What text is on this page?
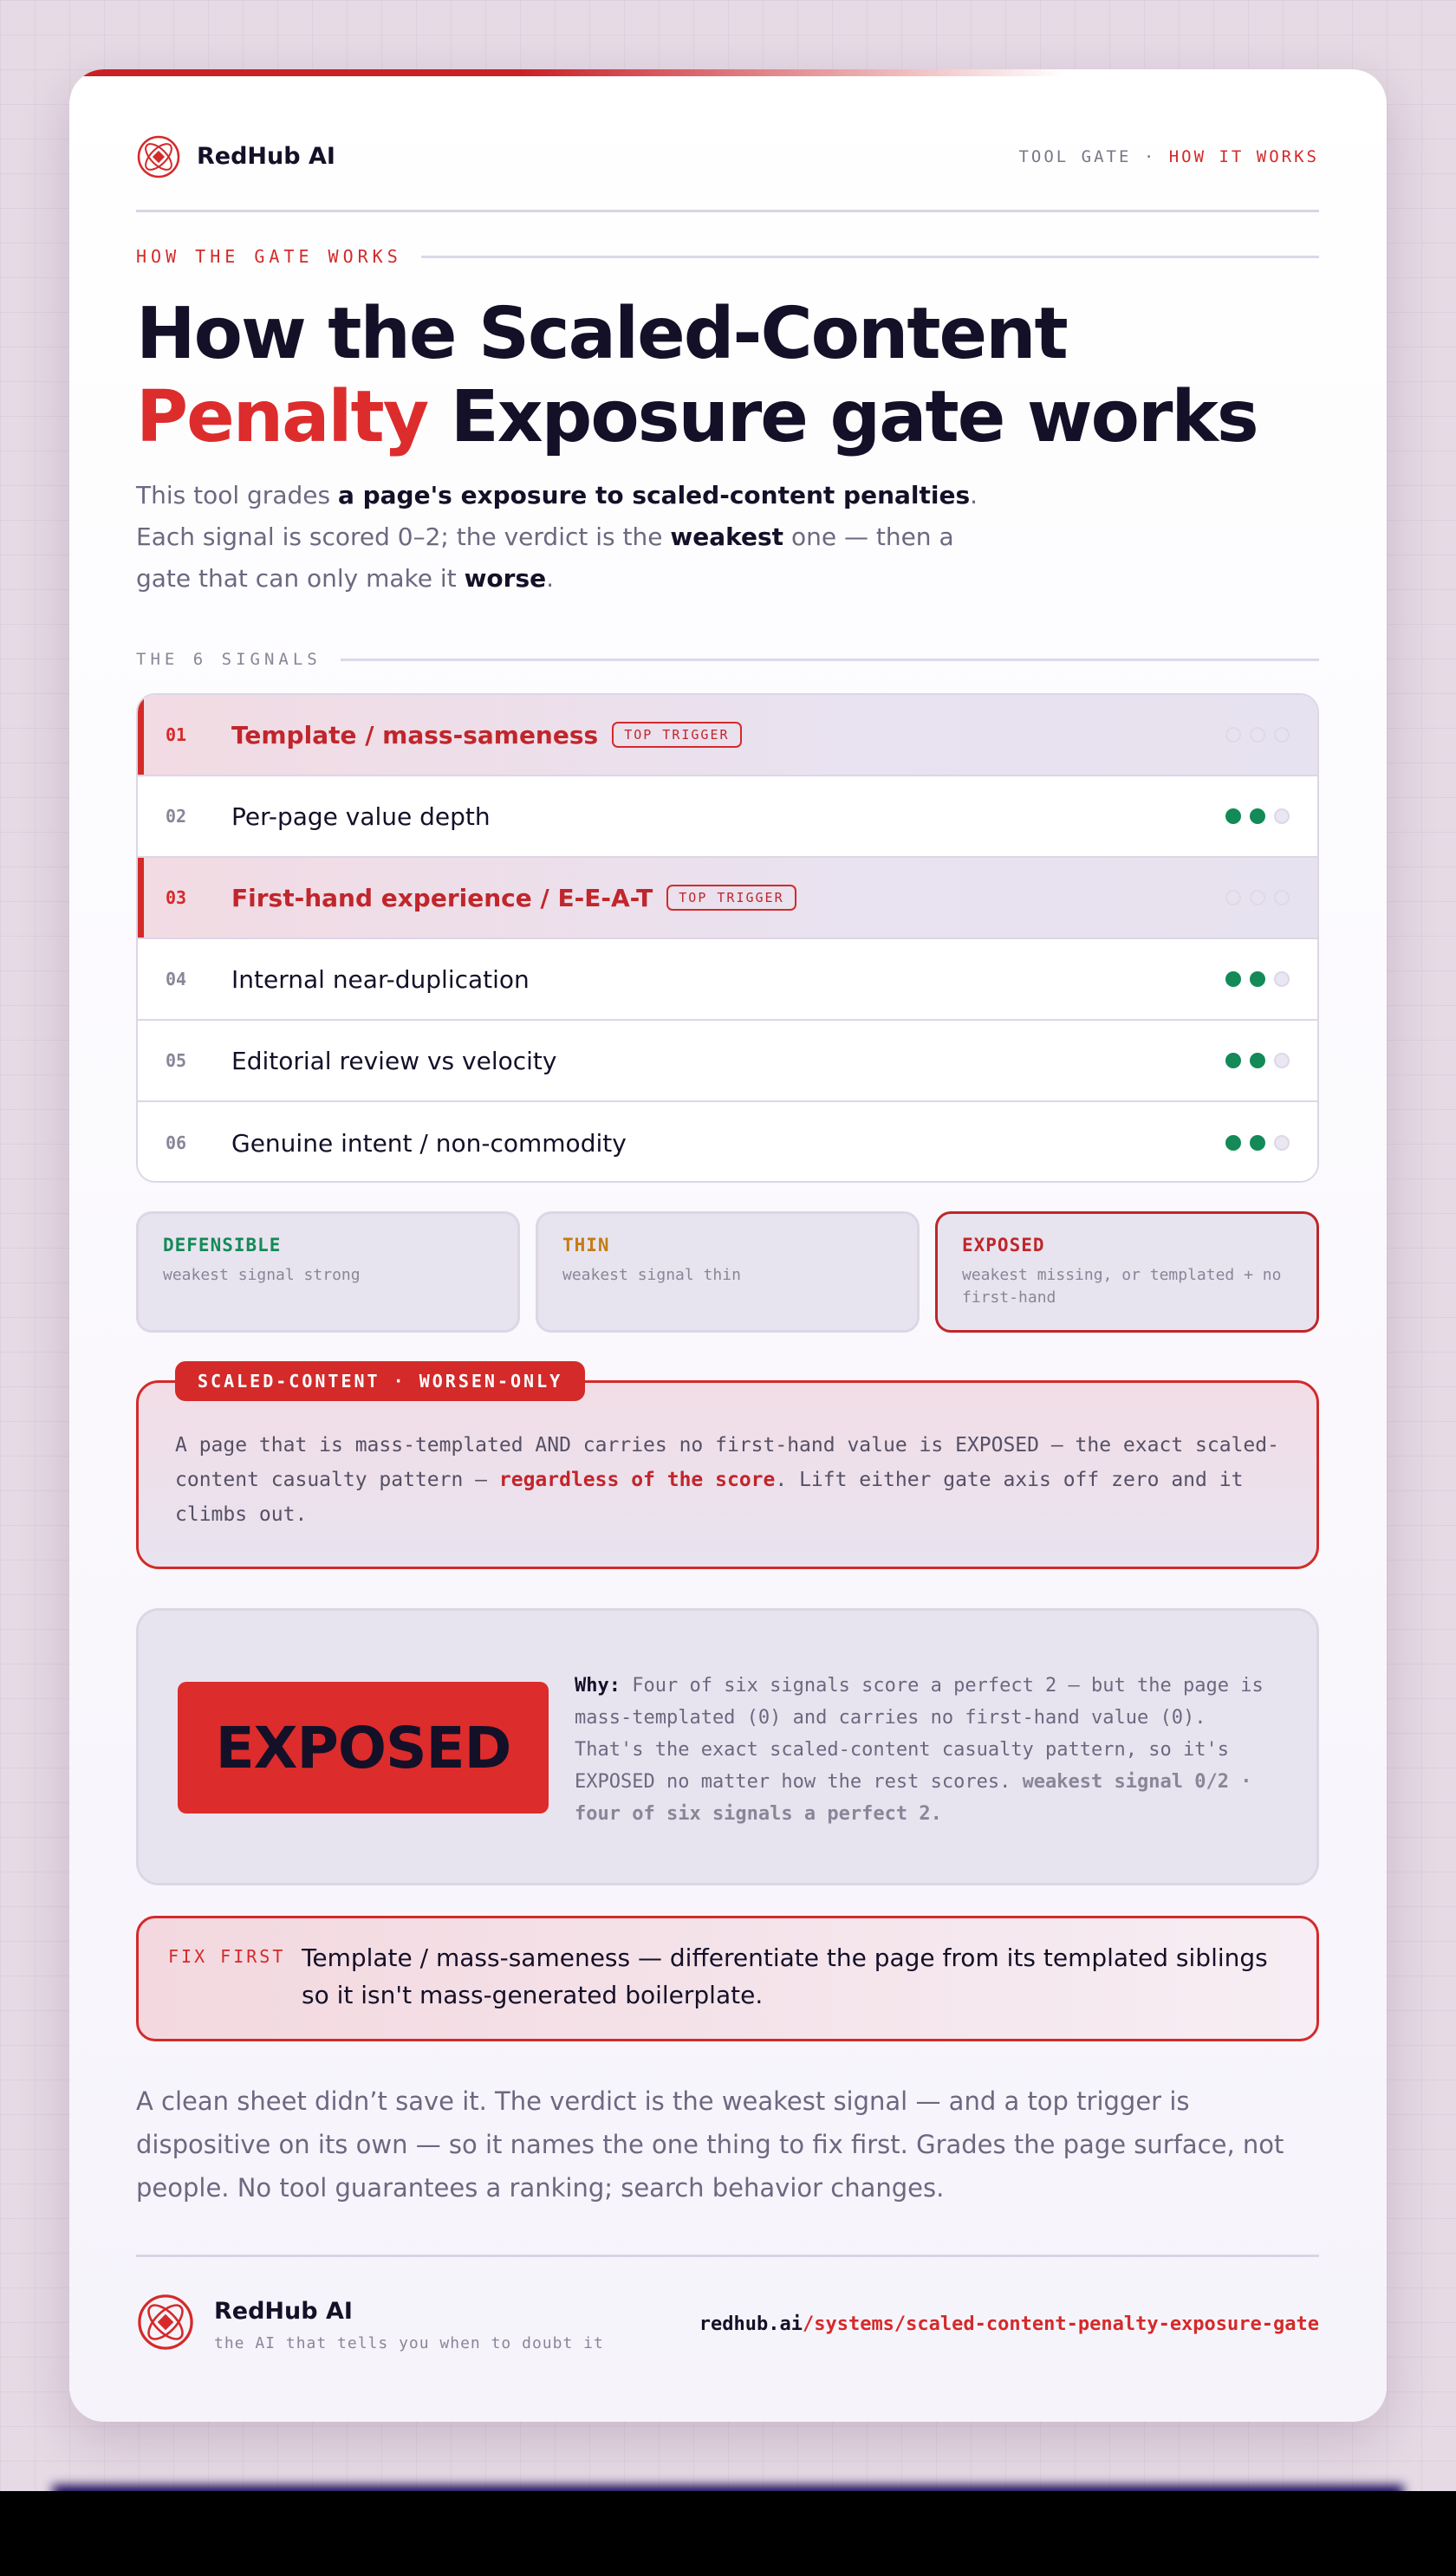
RedHub AI	TOOL GATE · HOW IT WORKS
HOW THE GATE WORKS
How the Scaled-Content
Penalty Exposure gate works

This tool grades a page's exposure to scaled-content penalties. Each signal is scored 0–2; the verdict is the weakest one — then a gate that can only make it worse.

THE 6 SIGNALS
01 Template / mass-sameness	TOP TRIGGER
02 Per-page value depth
03 First-hand experience / E-E-A-T	TOP TRIGGER
04 Internal near-duplication
05 Editorial review vs velocity
06 Genuine intent / non-commodity
DEFENSIBLE
weakest signal strong
THIN
weakest signal thin
EXPOSED
weakest missing, or templated + no first-hand
SCALED-CONTENT · WORSEN-ONLY
A page that is mass-templated AND carries no first-hand value is EXPOSED — the exact scaled-content casualty pattern — regardless of the score. Lift either gate axis off zero and it climbs out.
EXPOSED
Why: Four of six signals score a perfect 2 — but the page is mass-templated (0) and carries no first-hand value (0). That's the exact scaled-content casualty pattern, so it's EXPOSED no matter how the rest scores. weakest signal 0/2 · four of six signals a perfect 2.
FIX FIRST Template / mass-sameness — differentiate the page from its templated siblings so it isn't mass-generated boilerplate.

A clean sheet didn’t save it. The verdict is the weakest signal — and a top trigger is dispositive on its own — so it names the one thing to fix first. Grades the page surface, not people. No tool guarantees a ranking; search behavior changes.

RedHub AI
the AI that tells you when to doubt it
redhub.ai/systems/scaled-content-penalty-exposure-gate
